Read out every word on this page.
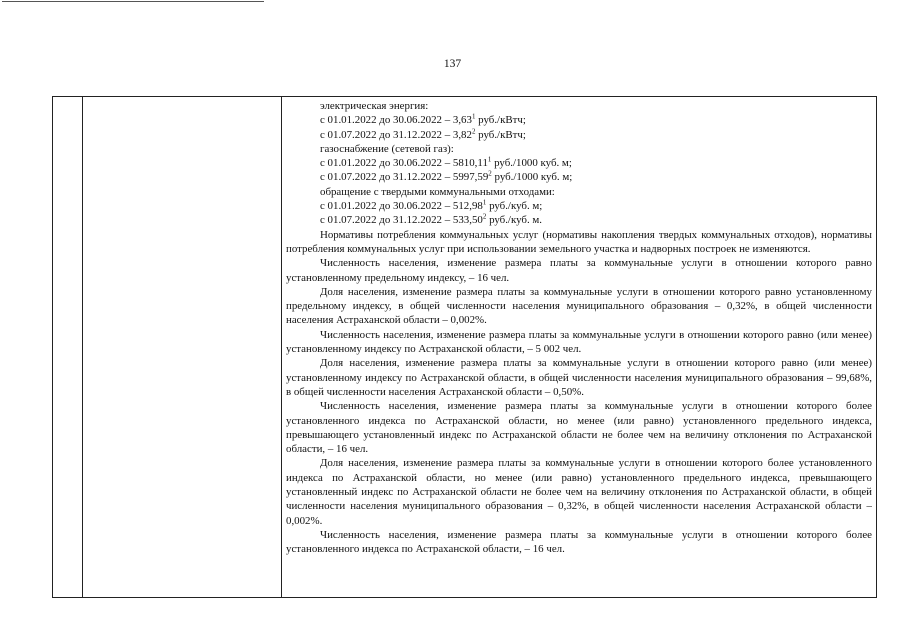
137

электрическая энергия:

с 01.01.2022 до 30.06.2022 – 3,63$^1$ руб./кВтч;

с 01.07.2022 до 31.12.2022 – 3,82$^2$ руб./кВтч;

газоснабжение (сетевой газ):

с 01.01.2022 до 30.06.2022 – 5810,11$^1$ руб./1000 куб. м;

с 01.07.2022 до 31.12.2022 – 5997,59$^2$ руб./1000 куб. м;

обращение с твердыми коммунальными отходами:

с 01.01.2022 до 30.06.2022 – 512,98$^1$ руб./куб. м;

с 01.07.2022 до 31.12.2022 – 533,50$^2$ руб./куб. м.

Нормативы потребления коммунальных услуг (нормативы накопления твердых коммунальных отходов), нормативы потребления коммунальных услуг при использовании земельного участка и надворных построек не изменяются.

Численность населения, изменение размера платы за коммунальные услуги в отношении которого равно установленному предельному индексу, – 16 чел.

Доля населения, изменение размера платы за коммунальные услуги в отношении которого равно установленному предельному индексу, в общей численности населения муниципального образования – 0,32%, в общей численности населения Астраханской области – 0,002%.

Численность населения, изменение размера платы за коммунальные услуги в отношении которого равно (или менее) установленному индексу по Астраханской области, – 5 002 чел.

Доля населения, изменение размера платы за коммунальные услуги в отношении которого равно (или менее) установленному индексу по Астраханской области, в общей численности населения муниципального образования – 99,68%, в общей численности населения Астраханской области – 0,50%.

Численность населения, изменение размера платы за коммунальные услуги в отношении которого более установленного индекса по Астраханской области, но менее (или равно) установленного предельного индекса, превышающего установленный индекс по Астраханской области не более чем на величину отклонения по Астраханской области, – 16 чел.

Доля населения, изменение размера платы за коммунальные услуги в отношении которого более установленного индекса по Астраханской области, но менее (или равно) установленного предельного индекса, превышающего установленный индекс по Астраханской области не более чем на величину отклонения по Астраханской области, в общей численности населения муниципального образования – 0,32%, в общей численности населения Астраханской области – 0,002%.

Численность населения, изменение размера платы за коммунальные услуги в отношении которого более установленного индекса по Астраханской области, – 16 чел.
